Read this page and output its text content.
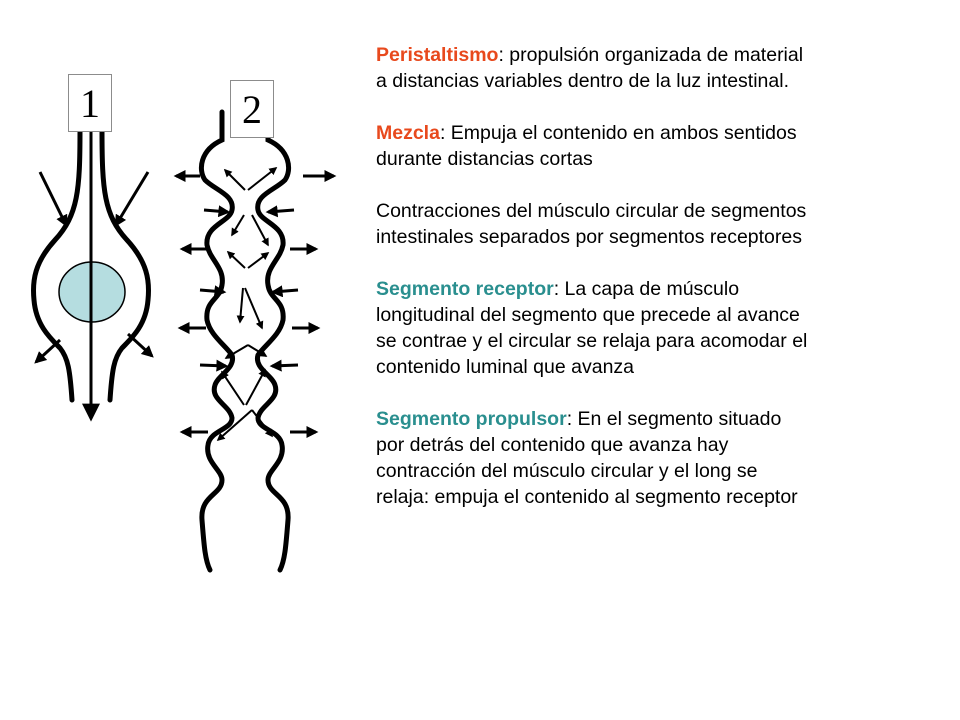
1	2

Peristaltismo: propulsión organizada de material
a distancias variables dentro de la luz intestinal.

Mezcla: Empuja el contenido en ambos sentidos
durante distancias cortas

Contracciones del músculo circular de segmentos
intestinales separados por segmentos receptores

Segmento receptor: La capa de músculo
longitudinal del segmento que precede al avance
se contrae y el circular se relaja para acomodar el
contenido luminal que avanza

Segmento propulsor: En el segmento situado
por detrás del contenido que avanza hay
contracción del músculo circular y el long se
relaja: empuja el contenido al segmento receptor
